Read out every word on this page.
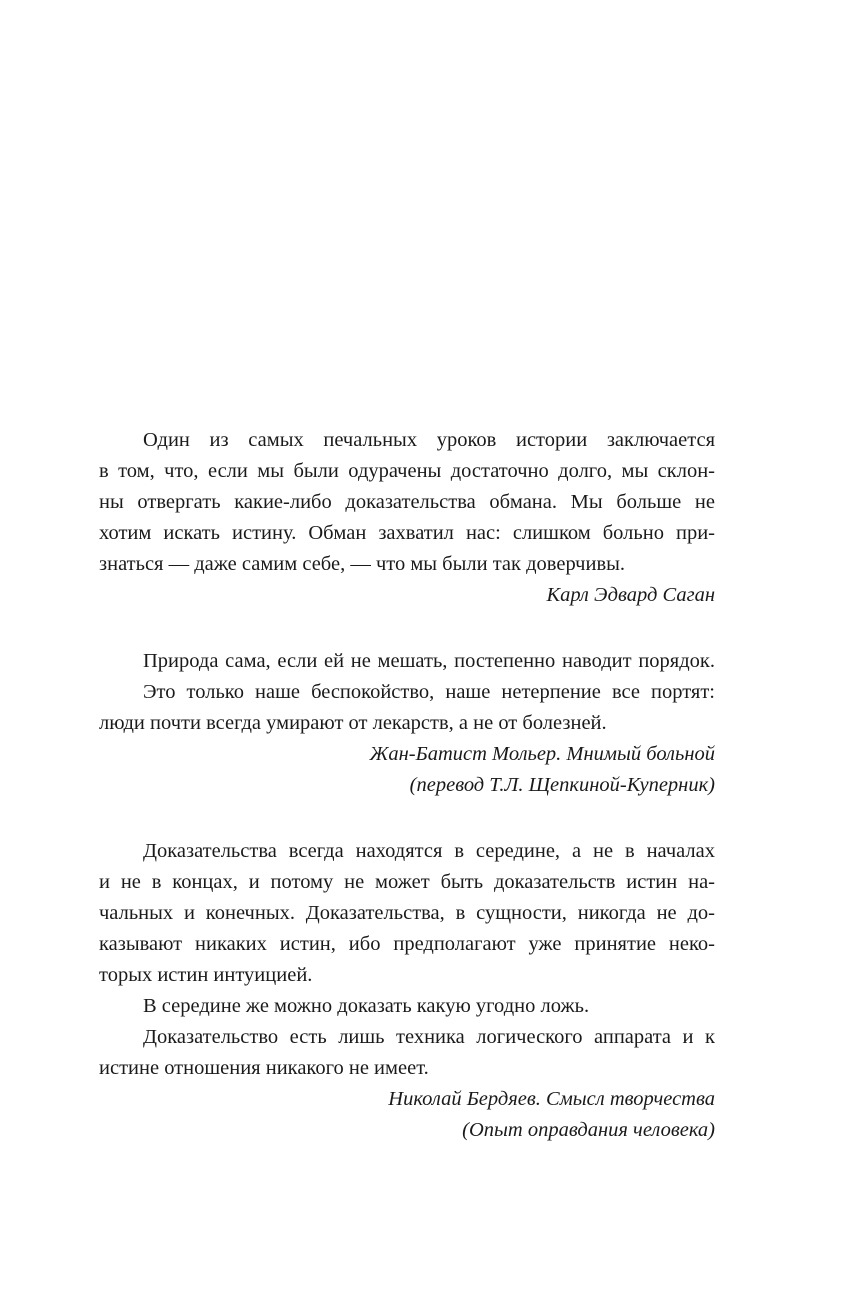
Один из самых печальных уроков истории заключается
в том, что, если мы были одурачены достаточно долго, мы склон-
ны отвергать какие-либо доказательства обмана. Мы больше не
хотим искать истину. Обман захватил нас: слишком больно при-
знаться — даже самим себе, — что мы были так доверчивы.
Карл Эдвард Саган
Природа сама, если ей не мешать, постепенно наводит порядок.
Это только наше беспокойство, наше нетерпение все портят:
люди почти всегда умирают от лекарств, а не от болезней.
Жан-Батист Мольер. Мнимый больной
(перевод Т.Л. Щепкиной-Куперник)
Доказательства всегда находятся в середине, а не в началах
и не в концах, и потому не может быть доказательств истин на-
чальных и конечных. Доказательства, в сущности, никогда не до-
казывают никаких истин, ибо предполагают уже принятие неко-
торых истин интуицией.
В середине же можно доказать какую угодно ложь.
Доказательство есть лишь техника логического аппарата и к
истине отношения никакого не имеет.
Николай Бердяев. Смысл творчества
(Опыт оправдания человека)
